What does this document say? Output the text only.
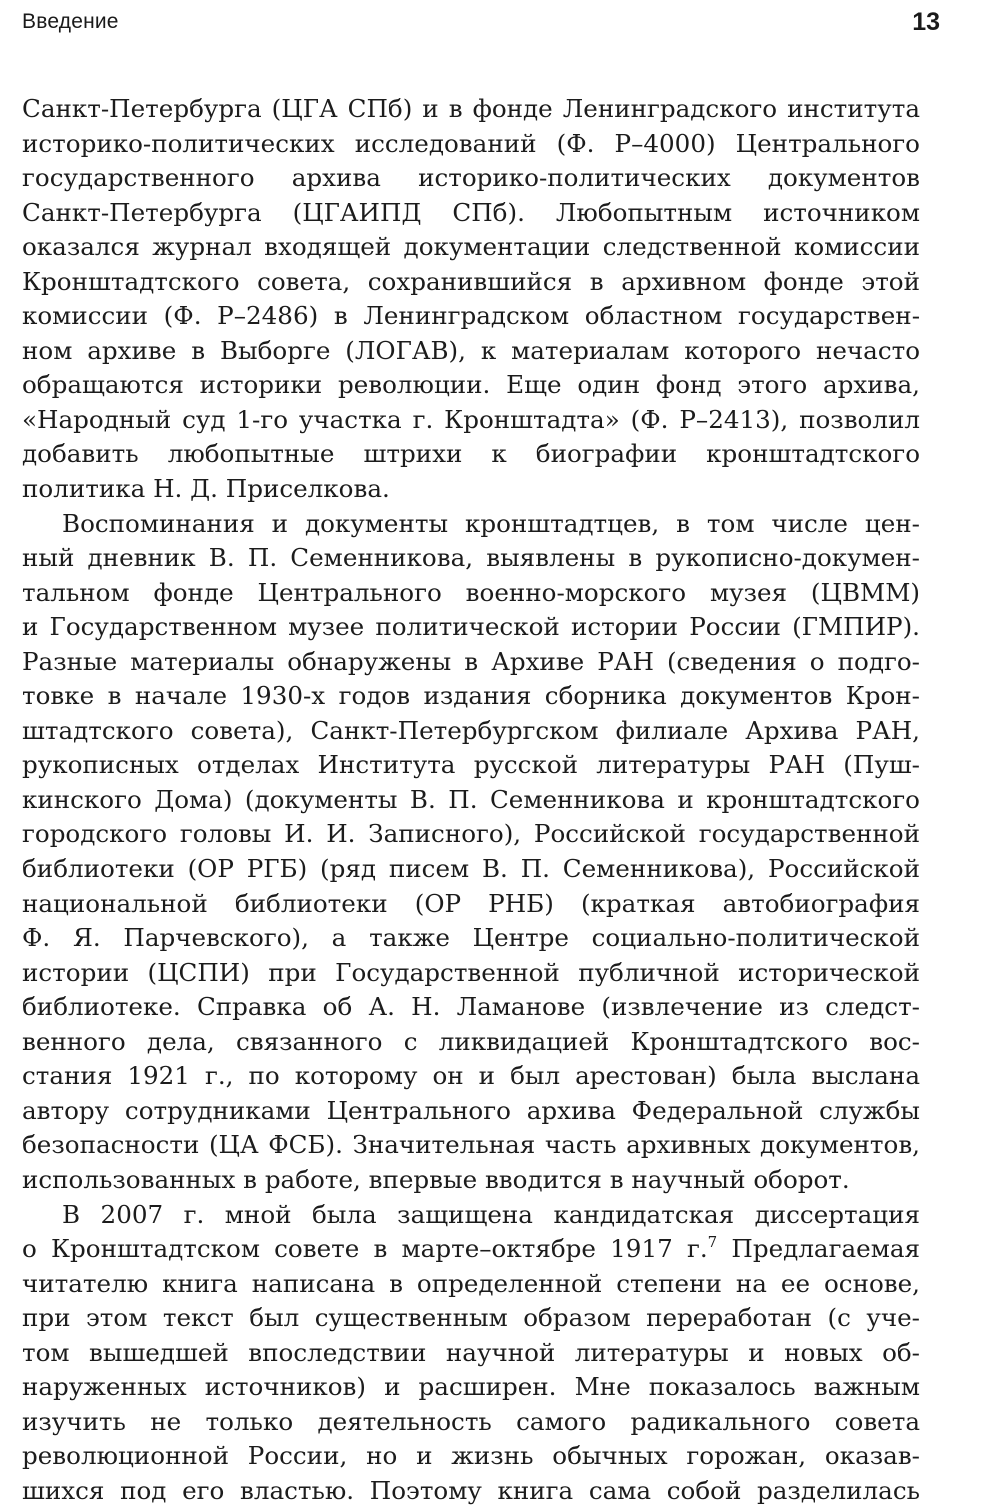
Введение	13
Санкт-Петербурга (ЦГА СПб) и в фонде Ленинградского института
историко-политических исследований (Ф. Р–4000) Центрального
государственного архива историко-политических документов
Санкт-Петербурга (ЦГАИПД СПб). Любопытным источником
оказался журнал входящей документации следственной комиссии
Кронштадтского совета, сохранившийся в архивном фонде этой
комиссии (Ф. Р–2486) в Ленинградском областном государствен-
ном архиве в Выборге (ЛОГАВ), к материалам которого нечасто
обращаются историки революции. Еще один фонд этого архива,
«Народный суд 1-го участка г. Кронштадта» (Ф. Р–2413), позволил
добавить любопытные штрихи к биографии кронштадтского
политика Н. Д. Приселкова.
Воспоминания и документы кронштадтцев, в том числе цен-
ный дневник В. П. Семенникова, выявлены в рукописно-докумен-
тальном фонде Центрального военно-морского музея (ЦВММ)
и Государственном музее политической истории России (ГМПИР).
Разные материалы обнаружены в Архиве РАН (сведения о подго-
товке в начале 1930-х годов издания сборника документов Крон-
штадтского совета), Санкт-Петербургском филиале Архива РАН,
рукописных отделах Института русской литературы РАН (Пуш-
кинского Дома) (документы В. П. Семенникова и кронштадтского
городского головы И. И. Записного), Российской государственной
библиотеки (ОР РГБ) (ряд писем В. П. Семенникова), Российской
национальной библиотеки (ОР РНБ) (краткая автобиография
Ф. Я. Парчевского), а также Центре социально-политической
истории (ЦСПИ) при Государственной публичной исторической
библиотеке. Справка об А. Н. Ламанове (извлечение из следст-
венного дела, связанного с ликвидацией Кронштадтского вос-
стания 1921 г., по которому он и был арестован) была выслана
автору сотрудниками Центрального архива Федеральной службы
безопасности (ЦА ФСБ). Значительная часть архивных документов,
использованных в работе, впервые вводится в научный оборот.
В 2007 г. мной была защищена кандидатская диссертация
о Кронштадтском совете в марте–октябре 1917 г.$^7$ Предлагаемая
читателю книга написана в определенной степени на ее основе,
при этом текст был существенным образом переработан (с уче-
том вышедшей впоследствии научной литературы и новых об-
наруженных источников) и расширен. Мне показалось важным
изучить не только деятельность самого радикального совета
революционной России, но и жизнь обычных горожан, оказав-
шихся под его властью. Поэтому книга сама собой разделилась
